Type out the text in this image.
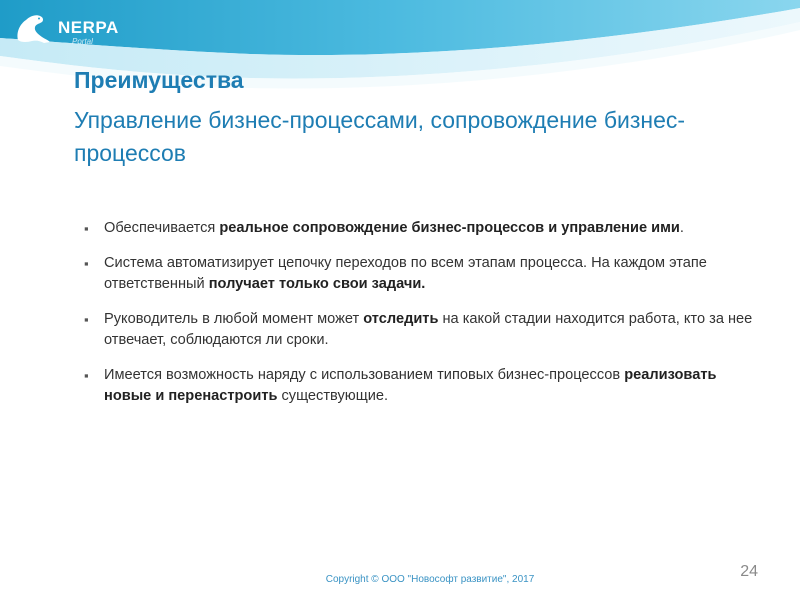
NERPA
Portal
Преимущества
Управление бизнес-процессами, сопровождение бизнес-процессов
▪ Обеспечивается реальное сопровождение бизнес-процессов и управление ими.
▪ Система автоматизирует цепочку переходов по всем этапам процесса. На каждом этапе ответственный получает только свои задачи.
▪ Руководитель в любой момент может отследить на какой стадии находится работа, кто за нее отвечает, соблюдаются ли сроки.
▪ Имеется возможность наряду с использованием типовых бизнес-процессов реализовать новые и перенастроить существующие.
Copyright © ООО "Новософт развитие", 2017	24
